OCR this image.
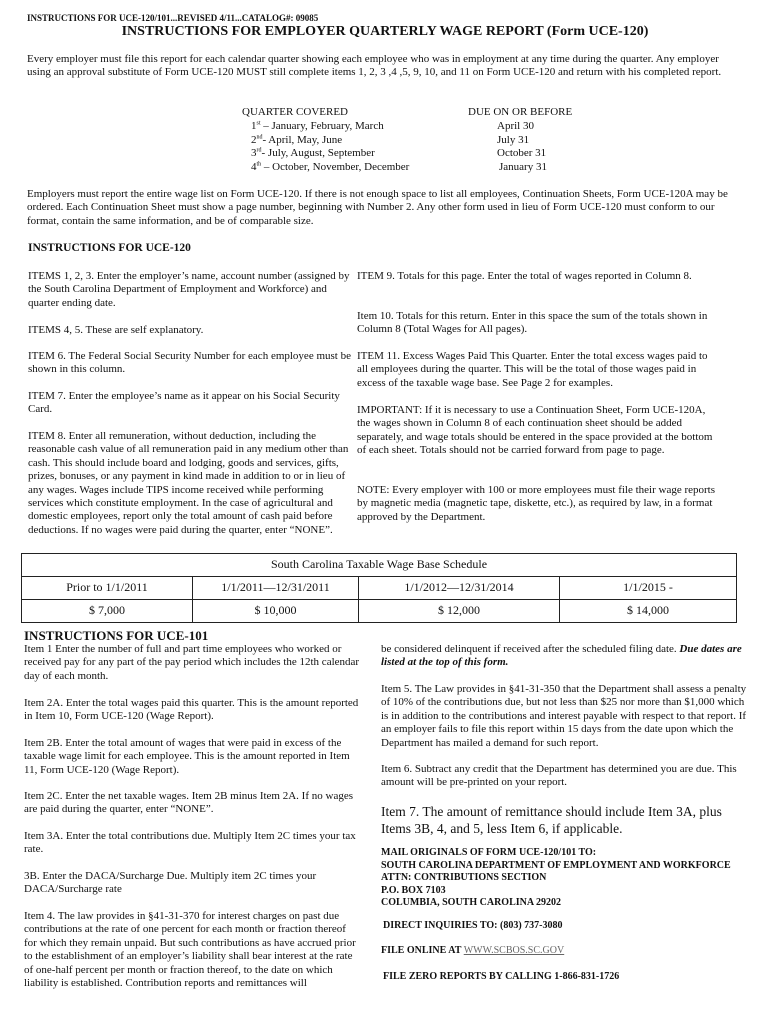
INSTRUCTIONS FOR UCE-120/101...REVISED 4/11...CATALOG#: 09085
INSTRUCTIONS FOR EMPLOYER QUARTERLY WAGE REPORT (Form UCE-120)

Every employer must file this report for each calendar quarter showing each employee who was in employment at any time during the quarter. Any employer using an approval substitute of Form UCE-120 MUST still complete items 1, 2, 3 ,4 ,5, 9, 10, and 11 on Form UCE-120 and return with his completed report.

QUARTER COVERED	DUE ON OR BEFORE
1st – January, February, March	April 30
2nd- April, May, June	July 31
3rd- July, August, September	October 31
4th – October, November, December	January 31

Employers must report the entire wage list on Form UCE-120. If there is not enough space to list all employees, Continuation Sheets, Form UCE-120A may be ordered. Each Continuation Sheet must show a page number, beginning with Number 2. Any other form used in lieu of Form UCE-120 must conform to our format, contain the same information, and be of comparable size.

INSTRUCTIONS FOR UCE-120

ITEMS 1, 2, 3. Enter the employer’s name, account number (assigned by the South Carolina Department of Employment and Workforce) and quarter ending date.

ITEMS 4, 5. These are self explanatory.

ITEM 6. The Federal Social Security Number for each employee must be shown in this column.

ITEM 7. Enter the employee’s name as it appear on his Social Security Card.

ITEM 8. Enter all remuneration, without deduction, including the reasonable cash value of all remuneration paid in any medium other than cash. This should include board and lodging, goods and services, gifts, prizes, bonuses, or any payment in kind made in addition to or in lieu of any wages. Wages include TIPS income received while performing services which constitute employment. In the case of agricultural and domestic employees, report only the total amount of cash paid before deductions. If no wages were paid during the quarter, enter “NONE”.

ITEM 9. Totals for this page. Enter the total of wages reported in Column 8.

Item 10. Totals for this return. Enter in this space the sum of the totals shown in Column 8 (Total Wages for All pages).

ITEM 11. Excess Wages Paid This Quarter. Enter the total excess wages paid to all employees during the quarter. This will be the total of those wages paid in excess of the taxable wage base. See Page 2 for examples.

IMPORTANT: If it is necessary to use a Continuation Sheet, Form UCE-120A, the wages shown in Column 8 of each continuation sheet should be added separately, and wage totals should be entered in the space provided at the bottom of each sheet. Totals should not be carried forward from page to page.

NOTE: Every employer with 100 or more employees must file their wage reports by magnetic media (magnetic tape, diskette, etc.), as required by law, in a format approved by the Department.

South Carolina Taxable Wage Base Schedule			
Prior to 1/1/2011	1/1/2011—12/31/2011	1/1/2012—12/31/2014	1/1/2015 -
$ 7,000	$ 10,000	$ 12,000	$ 14,000
INSTRUCTIONS FOR UCE-101

Item 1 Enter the number of full and part time employees who worked or received pay for any part of the pay period which includes the 12th calendar day of each month.

Item 2A. Enter the total wages paid this quarter. This is the amount reported in Item 10, Form UCE-120 (Wage Report).

Item 2B. Enter the total amount of wages that were paid in excess of the taxable wage limit for each employee. This is the amount reported in Item 11, Form UCE-120 (Wage Report).

Item 2C. Enter the net taxable wages. Item 2B minus Item 2A. If no wages are paid during the quarter, enter “NONE”.

Item 3A. Enter the total contributions due. Multiply Item 2C times your tax rate.

3B. Enter the DACA/Surcharge Due. Multiply item 2C times your DACA/Surcharge rate

Item 4. The law provides in §41-31-370 for interest charges on past due contributions at the rate of one percent for each month or fraction thereof for which they remain unpaid. But such contributions as have accrued prior to the establishment of an employer’s liability shall bear interest at the rate of one-half percent per month or fraction thereof, to the date on which liability is established. Contribution reports and remittances will

be considered delinquent if received after the scheduled filing date. Due dates are listed at the top of this form.

Item 5. The Law provides in §41-31-350 that the Department shall assess a penalty of 10% of the contributions due, but not less than $25 nor more than $1,000 which is in addition to the contributions and interest payable with respect to that report. If an employer fails to file this report within 15 days from the date upon which the Department has mailed a demand for such report.

Item 6. Subtract any credit that the Department has determined you are due. This amount will be pre-printed on your report.

Item 7. The amount of remittance should include Item 3A, plus Items 3B, 4, and 5, less Item 6, if applicable.

MAIL ORIGINALS OF FORM UCE-120/101 TO:
SOUTH CAROLINA DEPARTMENT OF EMPLOYMENT AND WORKFORCE
ATTN: CONTRIBUTIONS SECTION
P.O. BOX 7103
COLUMBIA, SOUTH CAROLINA 29202
DIRECT INQUIRIES TO: (803) 737-3080
FILE ONLINE AT WWW.SCBOS.SC.GOV
FILE ZERO REPORTS BY CALLING 1-866-831-1726
